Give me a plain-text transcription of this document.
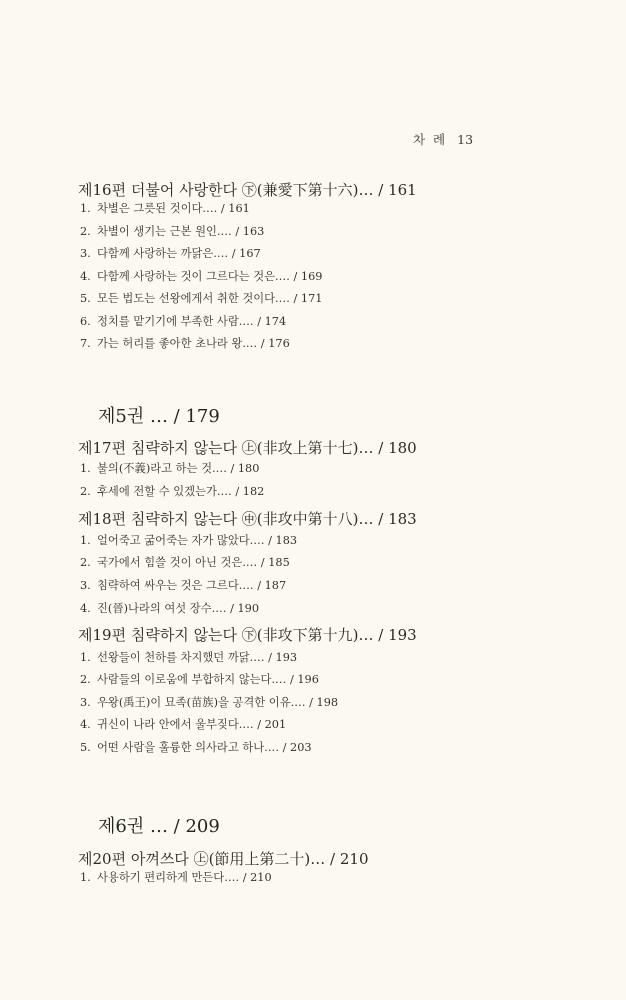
차 례 13
제16편 더불어 사랑한다 ㊦(兼愛下第十六)… / 161
1. 차별은 그릇된 것이다.… / 161
2. 차별이 생기는 근본 원인.… / 163
3. 다함께 사랑하는 까닭은.… / 167
4. 다함께 사랑하는 것이 그르다는 것은.… / 169
5. 모든 법도는 선왕에게서 취한 것이다.… / 171
6. 정치를 맡기기에 부족한 사람.… / 174
7. 가는 허리를 좋아한 초나라 왕.… / 176
제5권 … / 179
제17편 침략하지 않는다 ㊤(非攻上第十七)… / 180
1. 불의(不義)라고 하는 것.… / 180
2. 후세에 전할 수 있겠는가.… / 182
제18편 침략하지 않는다 ㊥(非攻中第十八)… / 183
1. 얼어죽고 굶어죽는 자가 많았다.… / 183
2. 국가에서 힘쓸 것이 아닌 것은.… / 185
3. 침략하여 싸우는 것은 그르다.… / 187
4. 진(晉)나라의 여섯 장수.… / 190
제19편 침략하지 않는다 ㊦(非攻下第十九)… / 193
1. 선왕들이 천하를 차지했던 까닭.… / 193
2. 사람들의 이로움에 부합하지 않는다.… / 196
3. 우왕(禹王)이 묘족(苗族)을 공격한 이유.… / 198
4. 귀신이 나라 안에서 울부짖다.… / 201
5. 어떤 사람을 훌륭한 의사라고 하나.… / 203
제6권 … / 209
제20편 아껴쓰다 ㊤(節用上第二十)… / 210
1. 사용하기 편리하게 만든다.… / 210
